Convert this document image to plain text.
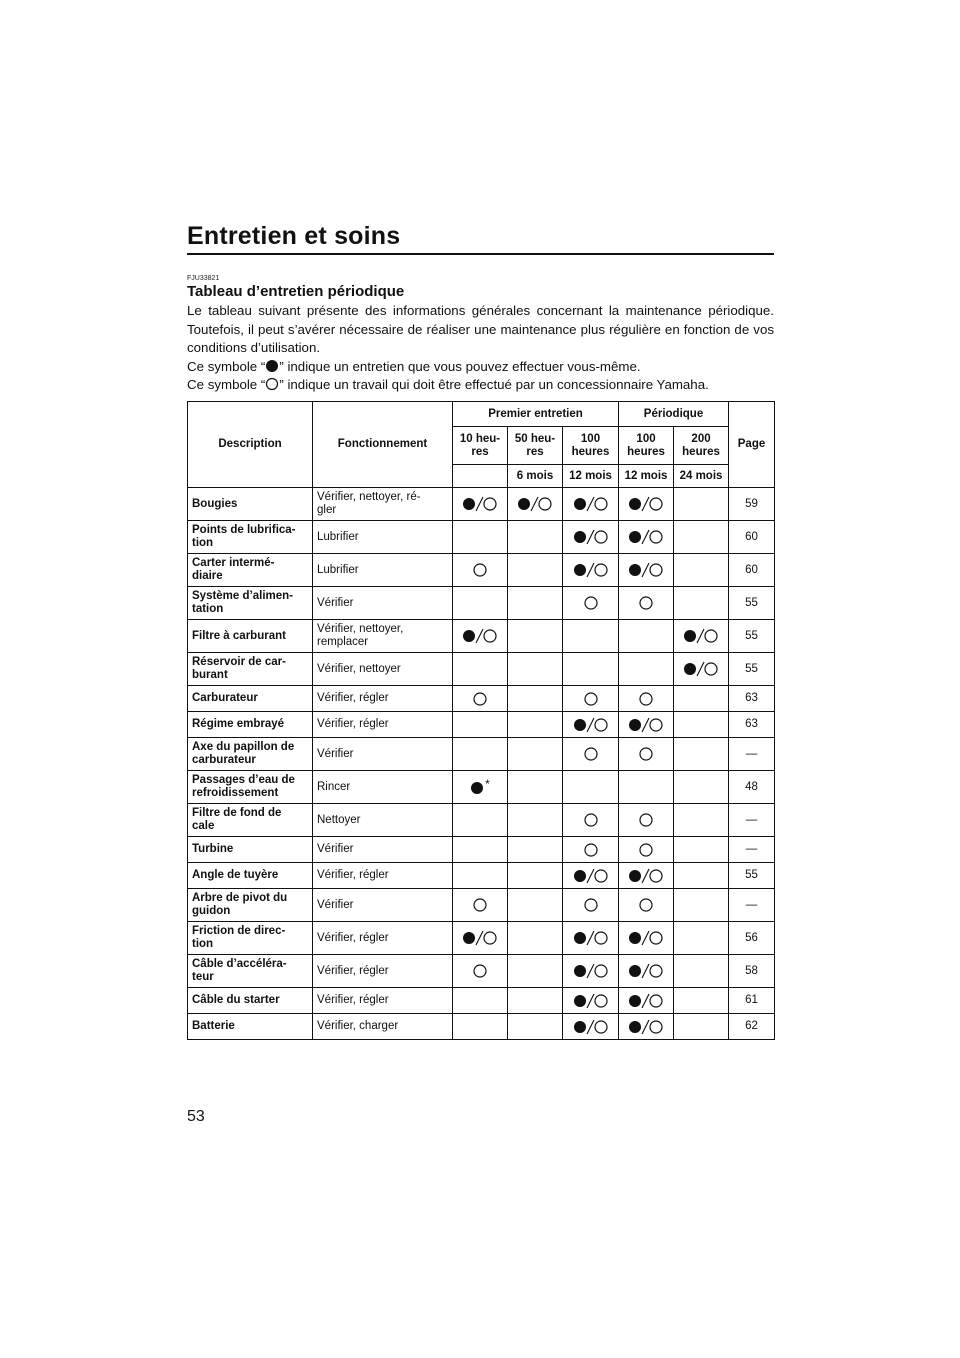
Entretien et soins
FJU33821
Tableau d’entretien périodique

Le tableau suivant présente des informations générales concernant la maintenance périodique. Toutefois, il peut s’avérer nécessaire de réaliser une maintenance plus régulière en fonction de vos conditions d’utilisation.

Ce symbole “ ” indique un entretien que vous pouvez effectuer vous-même.

Ce symbole “ ” indique un travail qui doit être effectué par un concessionnaire Yamaha.

Description	Fonctionnement	Premier entretien			Périodique		Page
		10 heu-
res	50 heu-
res	100
heures	100
heures	200
heures	
			6 mois	12 mois	12 mois	24 mois	
Bougies	Vérifier, nettoyer, ré-
gler						59
Points de lubrifica-
tion	Lubrifier						60
Carter intermé-
diaire	Lubrifier						60
Système d’alimen-
tation	Vérifier						55
Filtre à carburant	Vérifier, nettoyer,
remplacer						55
Réservoir de car-
burant	Vérifier, nettoyer						55
Carburateur	Vérifier, régler						63
Régime embrayé	Vérifier, régler						63
Axe du papillon de
carburateur	Vérifier						—
Passages d’eau de
refroidissement	Rincer	*					48
Filtre de fond de
cale	Nettoyer						—
Turbine	Vérifier						—
Angle de tuyère	Vérifier, régler						55
Arbre de pivot du
guidon	Vérifier						—
Friction de direc-
tion	Vérifier, régler						56
Câble d’accéléra-
teur	Vérifier, régler						58
Câble du starter	Vérifier, régler						61
Batterie	Vérifier, charger						62
53
